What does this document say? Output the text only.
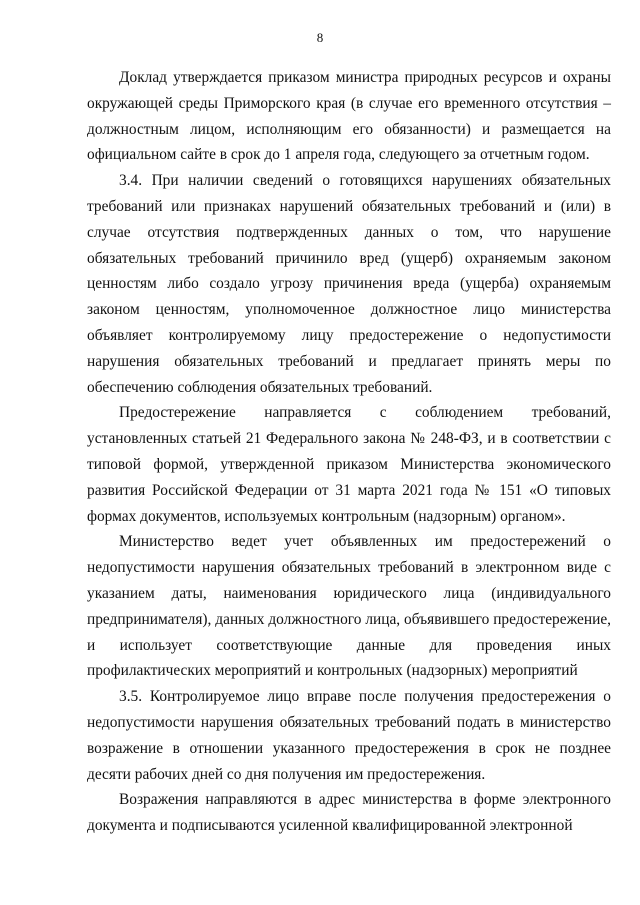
8

Доклад утверждается приказом министра природных ресурсов и охраны окружающей среды Приморского края (в случае его временного отсутствия – должностным лицом, исполняющим его обязанности) и размещается на официальном сайте в срок до 1 апреля года, следующего за отчетным годом.

3.4. При наличии сведений о готовящихся нарушениях обязательных требований или признаках нарушений обязательных требований и (или) в случае отсутствия подтвержденных данных о том, что нарушение обязательных требований причинило вред (ущерб) охраняемым законом ценностям либо создало угрозу причинения вреда (ущерба) охраняемым законом ценностям, уполномоченное должностное лицо министерства объявляет контролируемому лицу предостережение о недопустимости нарушения обязательных требований и предлагает принять меры по обеспечению соблюдения обязательных требований.

Предостережение направляется с соблюдением требований, установленных статьей 21 Федерального закона № 248-ФЗ, и в соответствии с типовой формой, утвержденной приказом Министерства экономического развития Российской Федерации от 31 марта 2021 года № 151 «О типовых формах документов, используемых контрольным (надзорным) органом».

Министерство ведет учет объявленных им предостережений о недопустимости нарушения обязательных требований в электронном виде с указанием даты, наименования юридического лица (индивидуального предпринимателя), данных должностного лица, объявившего предостережение, и использует соответствующие данные для проведения иных профилактических мероприятий и контрольных (надзорных) мероприятий

3.5. Контролируемое лицо вправе после получения предостережения о недопустимости нарушения обязательных требований подать в министерство возражение в отношении указанного предостережения в срок не позднее десяти рабочих дней со дня получения им предостережения.

Возражения направляются в адрес министерства в форме электронного документа и подписываются усиленной квалифицированной электронной
